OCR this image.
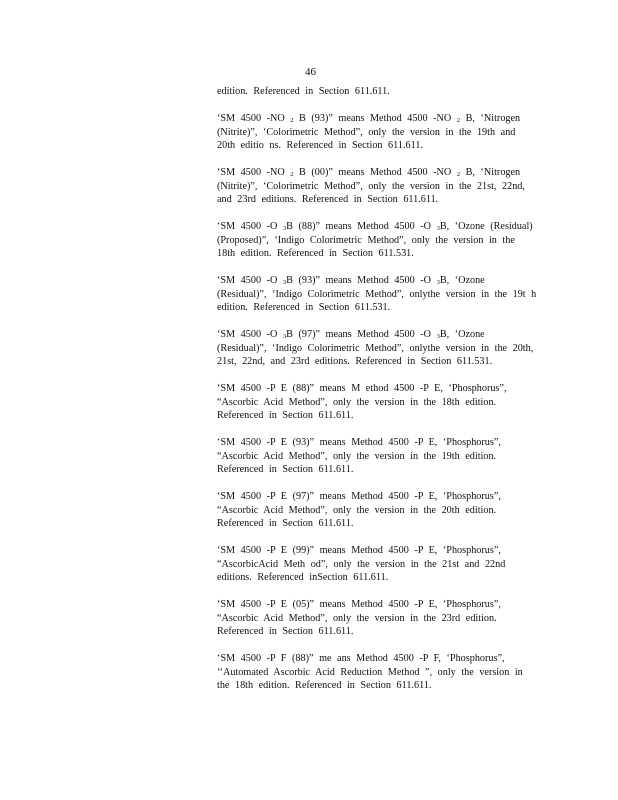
46

edition. Referenced in Section 611.611.

‘SM 4500 -NO $_2$ B (93)” means Method 4500 -NO $_2$ B, ‘Nitrogen (Nitrite)”, ‘Colorimetric Method”, only the version in the 19th and 20th editio ns. Referenced in Section 611.611.

‘SM 4500 -NO $_2$ B (00)” means Method 4500 -NO $_2$ B, ‘Nitrogen (Nitrite)”, ‘Colorimetric Method”, only the version in the 21st, 22nd, and 23rd editions. Referenced in Section 611.611.

‘SM 4500 -O $_3$B (88)” means Method 4500 -O $_3$B, ‘Ozone (Residual) (Proposed)”, ‘Indigo Colorimetric Method”, only the version in the 18th edition. Referenced in Section 611.531.

‘SM 4500 -O $_3$B (93)” means Method 4500 -O $_3$B, ‘Ozone (Residual)”, ‘Indigo Colorimetric Method”, onlythe version in the 19t h edition. Referenced in Section 611.531.

‘SM 4500 -O $_3$B (97)” means Method 4500 -O $_3$B, ‘Ozone (Residual)”, ‘Indigo Colorimetric Method”, onlythe version in the 20th, 21st, 22nd, and 23rd editions. Referenced in Section 611.531.

‘SM 4500 -P E (88)” means M ethod 4500 -P E, ‘Phosphorus”, “Ascorbic Acid Method”, only the version in the 18th edition. Referenced in Section 611.611.

‘SM 4500 -P E (93)” means Method 4500 -P E, ‘Phosphorus”, “Ascorbic Acid Method”, only the version in the 19th edition. Referenced in Section 611.611.

‘SM 4500 -P E (97)” means Method 4500 -P E, ‘Phosphorus”, “Ascorbic Acid Method”, only the version in the 20th edition. Referenced in Section 611.611.

‘SM 4500 -P E (99)” means Method 4500 -P E, ‘Phosphorus”, “AscorbicAcid Meth od”, only the version in the 21st and 22nd editions. Referenced inSection 611.611.

‘SM 4500 -P E (05)” means Method 4500 -P E, ‘Phosphorus”, “Ascorbic Acid Method”, only the version in the 23rd edition. Referenced in Section 611.611.

‘SM 4500 -P F (88)” me ans Method 4500 -P F, ‘Phosphorus”, ‘‘Automated Ascorbic Acid Reduction Method ”, only the version in the 18th edition. Referenced in Section 611.611.
